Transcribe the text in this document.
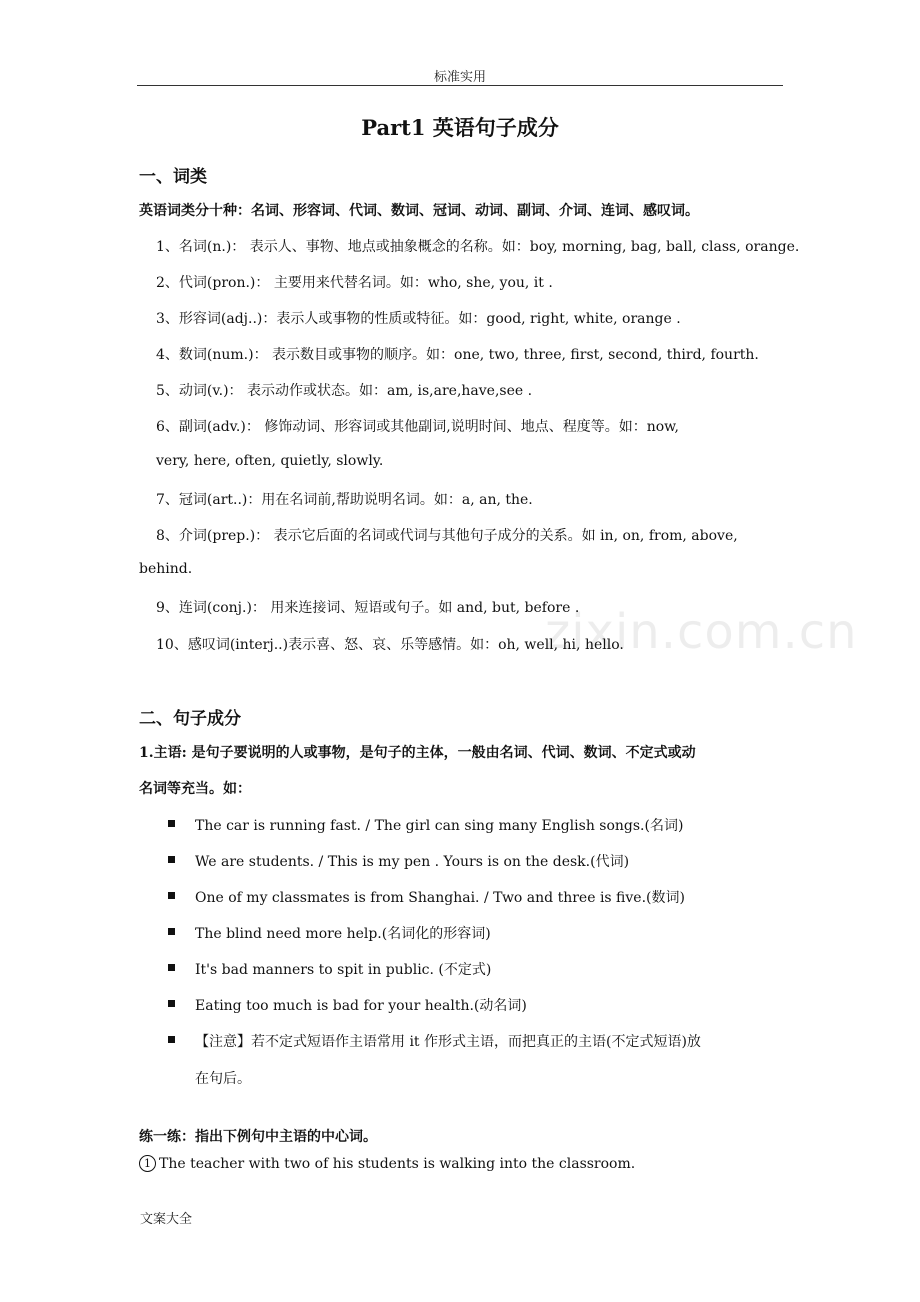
标准实用
Part1 英语句子成分
一、词类
英语词类分十种：名词、形容词、代词、数词、冠词、动词、副词、介词、连词、感叹词。
1、名词(n.)： 表示人、事物、地点或抽象概念的名称。如：boy, morning, bag, ball, class, orange.
2、代词(pron.)： 主要用来代替名词。如：who, she, you, it .
3、形容词(adj..)：表示人或事物的性质或特征。如：good, right, white, orange .
4、数词(num.)： 表示数目或事物的顺序。如：one, two, three, first, second, third, fourth.
5、动词(v.)： 表示动作或状态。如：am, is,are,have,see .
6、副词(adv.)： 修饰动词、形容词或其他副词,说明时间、地点、程度等。如：now,
very, here, often, quietly, slowly.
7、冠词(art..)：用在名词前,帮助说明名词。如：a, an, the.
8、介词(prep.)： 表示它后面的名词或代词与其他句子成分的关系。如 in, on, from, above,
behind.
9、连词(conj.)： 用来连接词、短语或句子。如 and, but, before .
10、感叹词(interj..)表示喜、怒、哀、乐等感情。如：oh, well, hi, hello.
zixin.com.cn
二、句子成分
1.主语: 是句子要说明的人或事物，是句子的主体，一般由名词、代词、数词、不定式或动
名词等充当。如：
The car is running fast. / The girl can sing many English songs.(名词)
We are students. / This is my pen . Yours is on the desk.(代词)
One of my classmates is from Shanghai. / Two and three is five.(数词)
The blind need more help.(名词化的形容词)
It's bad manners to spit in public. (不定式)
Eating too much is bad for your health.(动名词)
【注意】若不定式短语作主语常用 it 作形式主语，而把真正的主语(不定式短语)放
在句后。
练一练：指出下例句中主语的中心词。
1 The teacher with two of his students is walking into the classroom.
文案大全
